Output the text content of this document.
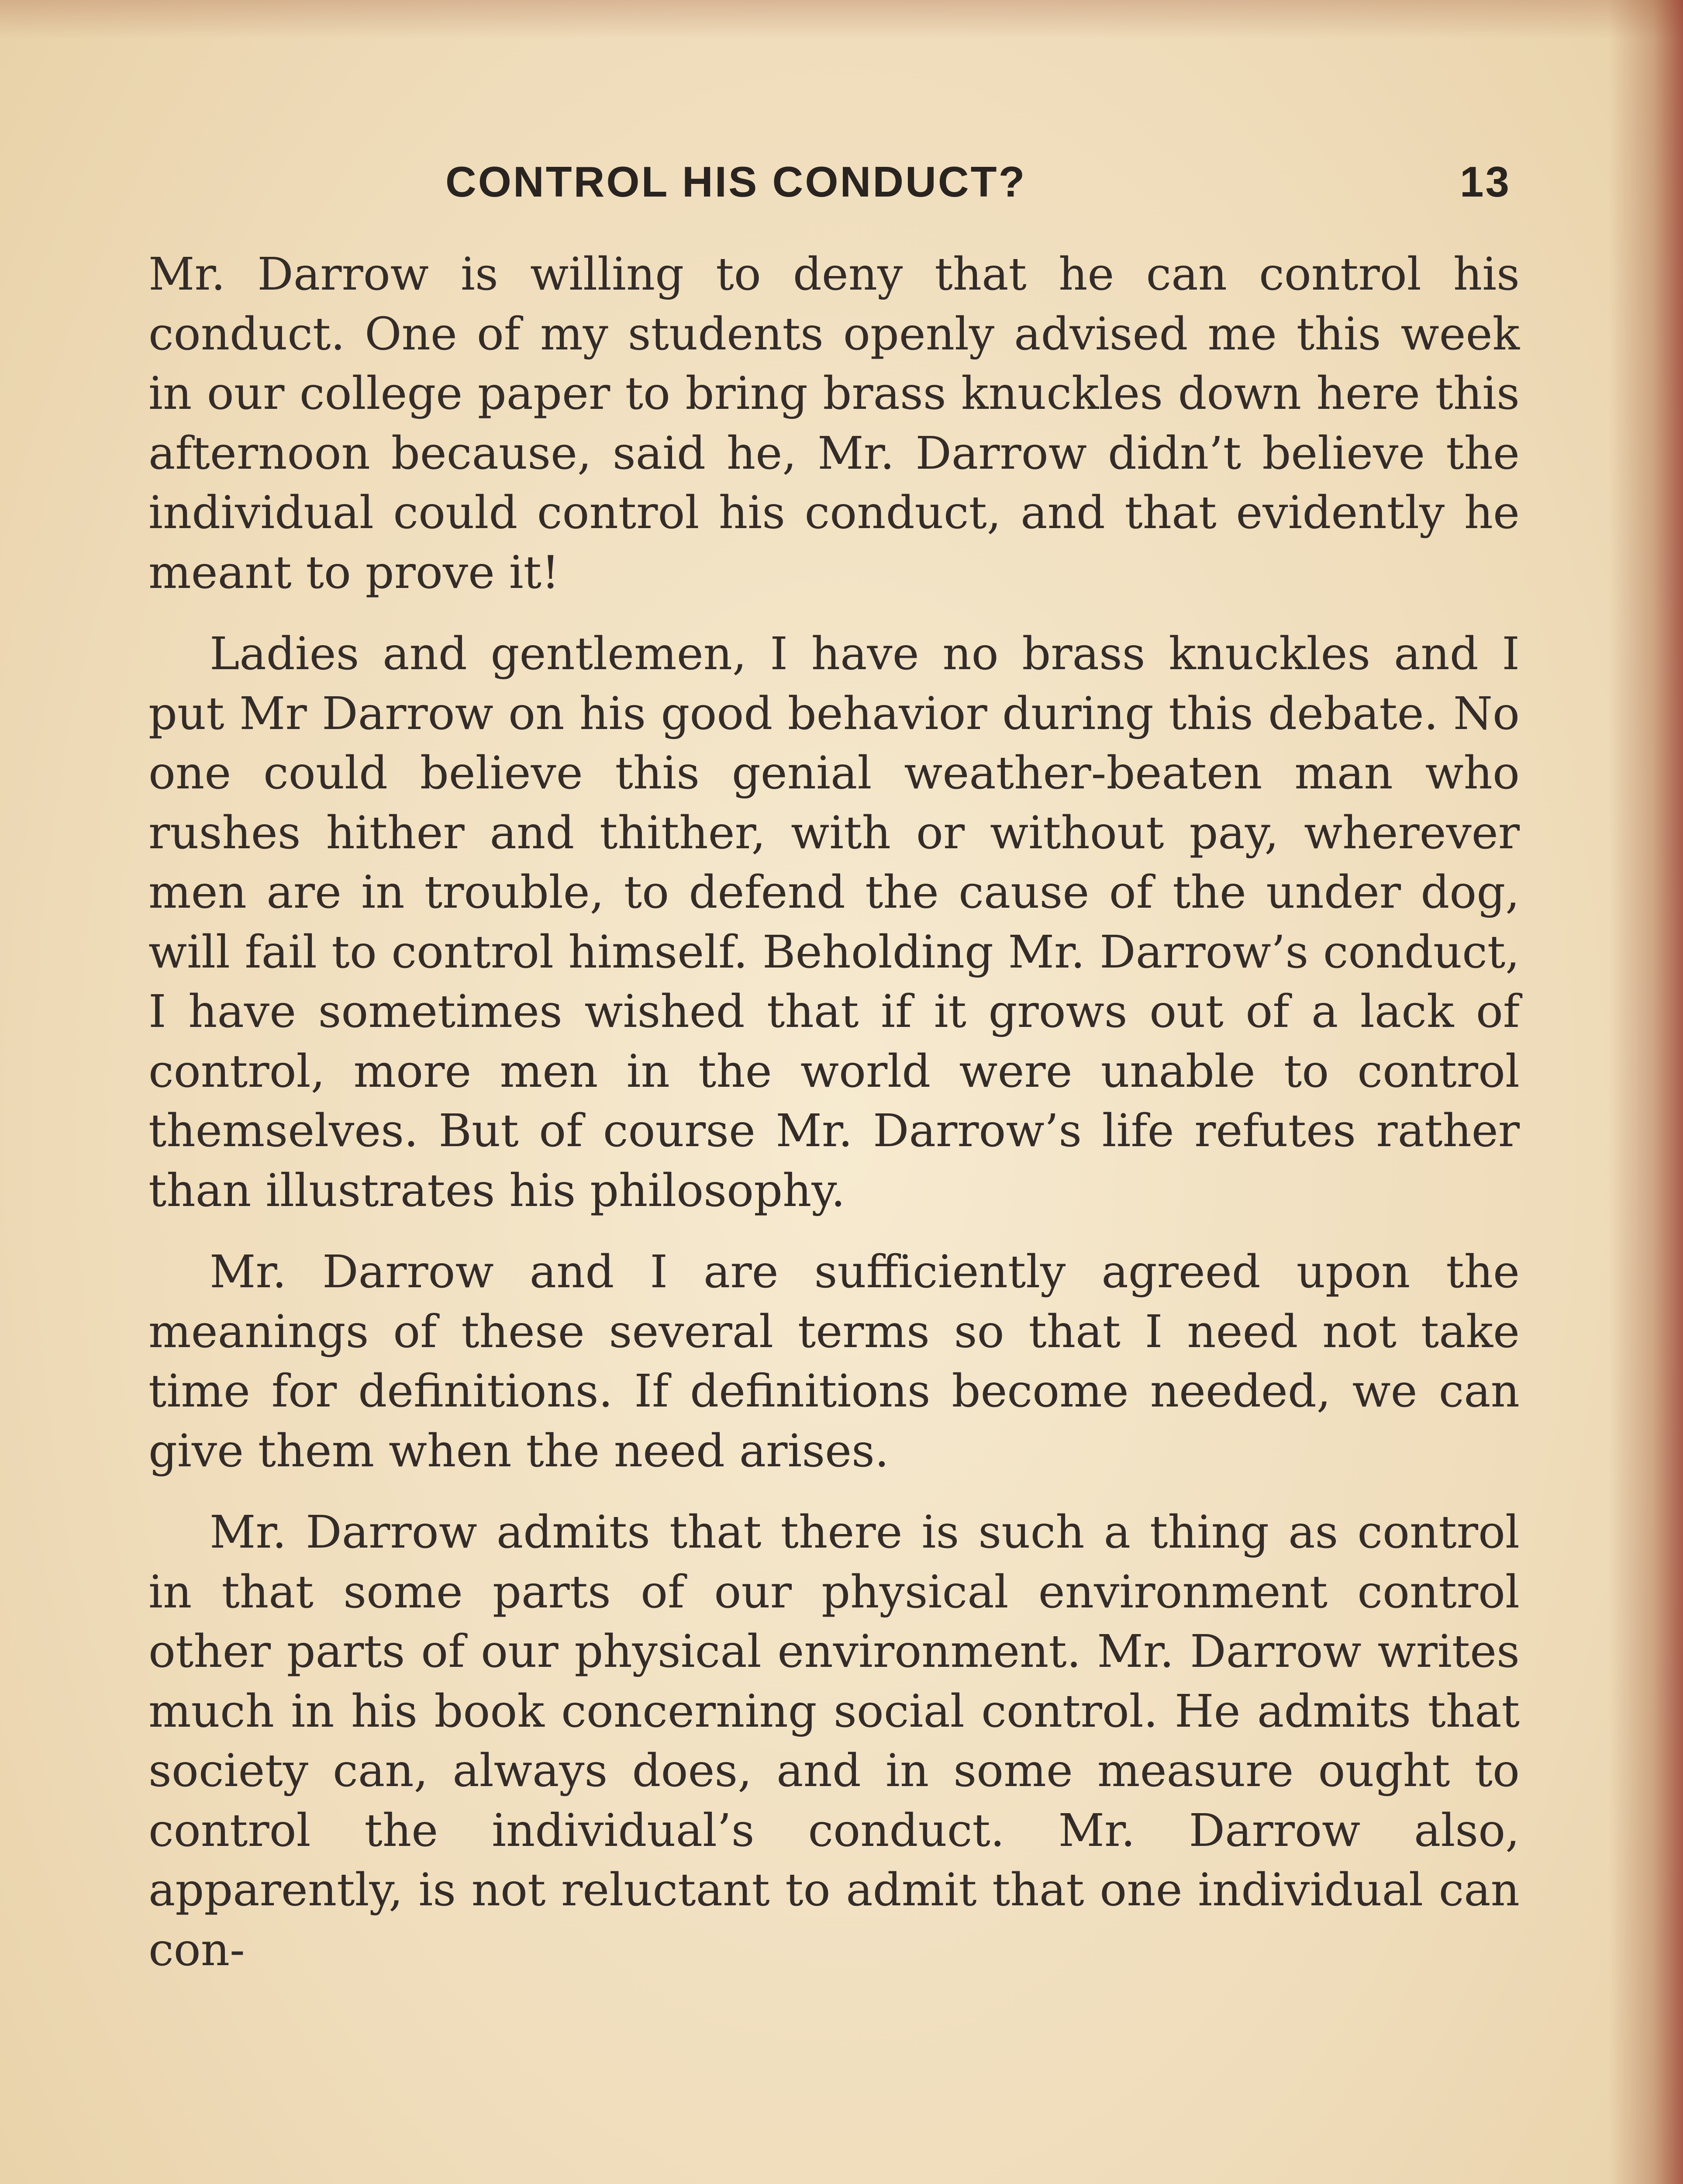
CONTROL HIS CONDUCT?	13

Mr. Darrow is willing to deny that he can control his conduct. One of my students openly advised me this week in our college paper to bring brass knuckles down here this afternoon because, said he, Mr. Darrow didn’t believe the individual could control his conduct, and that evidently he meant to prove it!

Ladies and gentlemen, I have no brass knuckles and I put Mr Darrow on his good behavior during this debate. No one could believe this genial weather-beaten man who rushes hither and thither, with or without pay, wherever men are in trouble, to defend the cause of the under dog, will fail to control himself. Beholding Mr. Darrow’s conduct, I have sometimes wished that if it grows out of a lack of control, more men in the world were unable to control themselves. But of course Mr. Darrow’s life refutes rather than illustrates his philosophy.

Mr. Darrow and I are sufficiently agreed upon the meanings of these several terms so that I need not take time for definitions. If definitions become needed, we can give them when the need arises.

Mr. Darrow admits that there is such a thing as control in that some parts of our physical environment control other parts of our physical environment. Mr. Darrow writes much in his book concerning social control. He admits that society can, always does, and in some measure ought to control the individual’s conduct. Mr. Darrow also, apparently, is not reluctant to admit that one individual can con-
